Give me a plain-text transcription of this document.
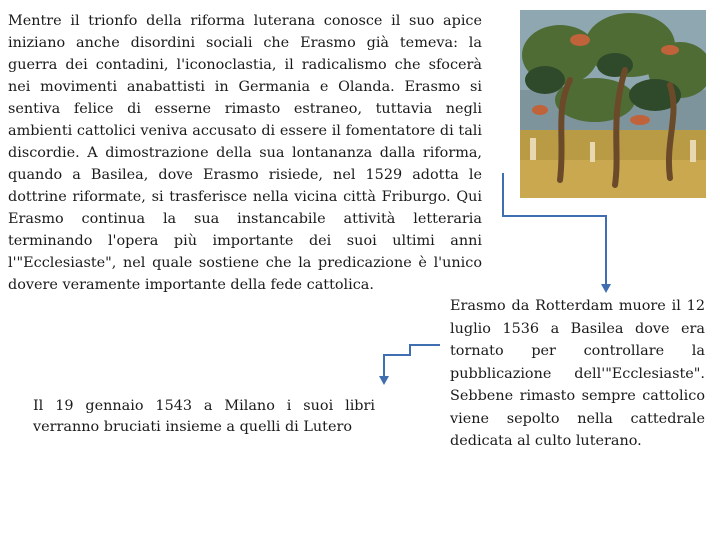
Mentre il trionfo della riforma luterana conosce il suo apice iniziano anche disordini sociali che Erasmo già temeva: la guerra dei contadini, l'iconoclastia, il radicalismo che sfocerà nei movimenti anabattisti in Germania e Olanda. Erasmo si sentiva felice di esserne rimasto estraneo, tuttavia negli ambienti cattolici veniva accusato di essere il fomentatore di tali discordie. A dimostrazione della sua lontananza dalla riforma, quando a Basilea, dove Erasmo risiede, nel 1529 adotta le dottrine riformate, si trasferisce nella vicina città Friburgo. Qui Erasmo continua la sua instancabile attività letteraria terminando l'opera più importante dei suoi ultimi anni l'"Ecclesiaste", nel quale sostiene che la predicazione è l'unico dovere veramente importante della fede cattolica.
Erasmo da Rotterdam muore il 12 luglio 1536 a Basilea dove era tornato per controllare la pubblicazione dell'"Ecclesiaste". Sebbene rimasto sempre cattolico viene sepolto nella cattedrale dedicata al culto luterano.
Il 19 gennaio 1543 a Milano i suoi libri verranno bruciati insieme a quelli di Lutero
